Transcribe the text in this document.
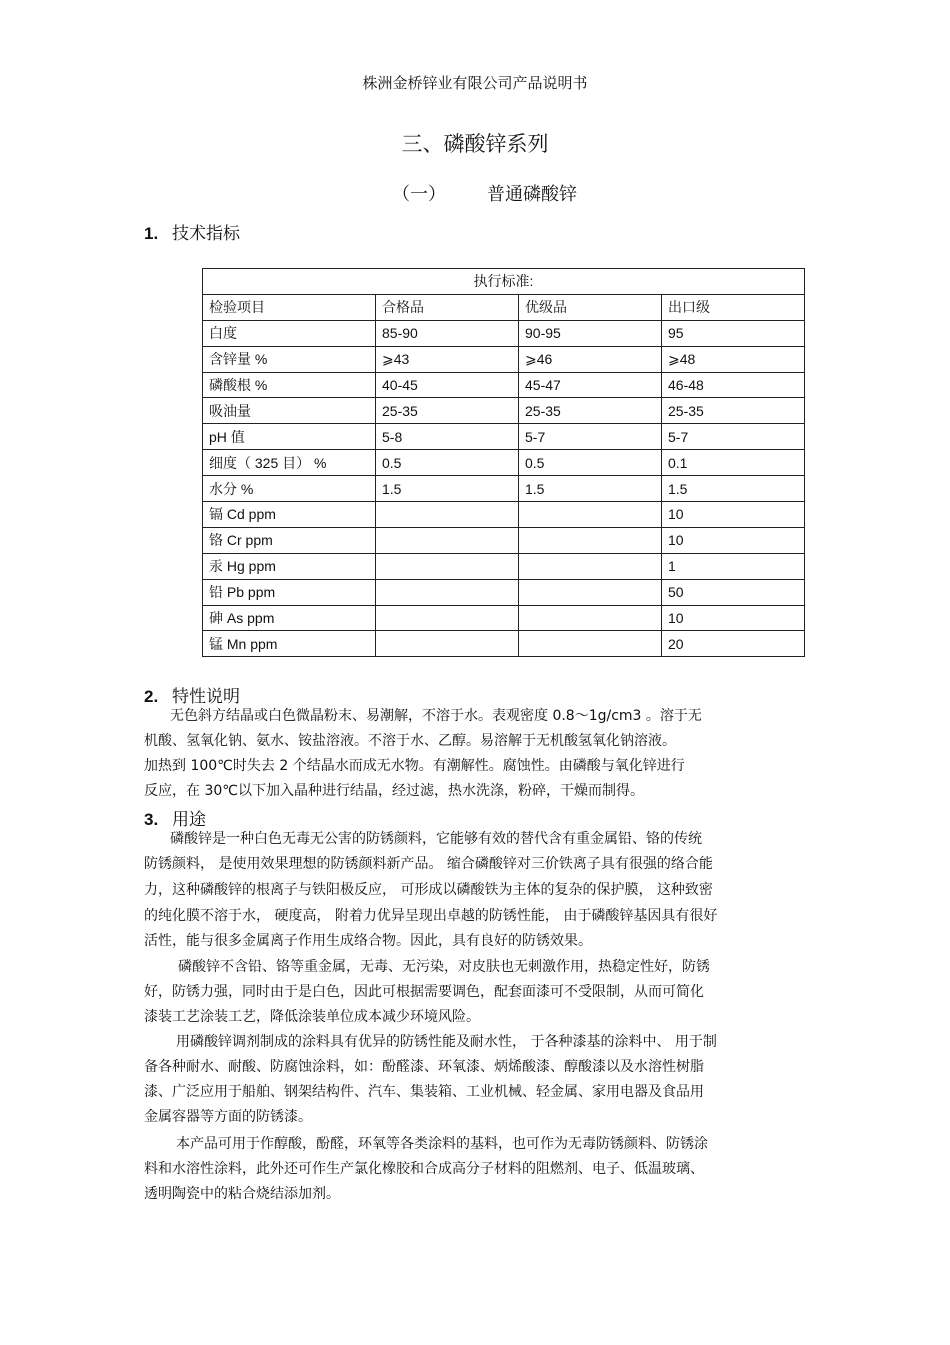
株洲金桥锌业有限公司产品说明书
三、磷酸锌系列
（一） 普通磷酸锌
1. 技术指标
执行标准:			
检验项目	合格品	优级品	出口级
白度	85-90	90-95	95
含锌量 %	⩾43	⩾46	⩾48
磷酸根 %	40-45	45-47	46-48
吸油量	25-35	25-35	25-35
pH 值	5-8	5-7	5-7
细度（ 325 目） %	0.5	0.5	0.1
水分 %	1.5	1.5	1.5
镉 Cd ppm			10
铬 Cr ppm			10
汞 Hg ppm			1
铅 Pb ppm			50
砷 As ppm			10
锰 Mn ppm			20
2. 特性说明
无色斜方结晶或白色微晶粉末、易潮解，不溶于水。表观密度 0.8～1g/cm3 。溶于无
机酸、氢氧化钠、氨水、铵盐溶液。不溶于水、乙醇。易溶解于无机酸氢氧化钠溶液。
加热到 100℃时失去 2 个结晶水而成无水物。有潮解性。腐蚀性。由磷酸与氧化锌进行
反应，在 30℃以下加入晶种进行结晶，经过滤，热水洗涤，粉碎，干燥而制得。
3. 用途
磷酸锌是一种白色无毒无公害的防锈颜料，它能够有效的替代含有重金属铅、铬的传统
防锈颜料， 是使用效果理想的防锈颜料新产品。 缩合磷酸锌对三价铁离子具有很强的络合能
力，这种磷酸锌的根离子与铁阳极反应， 可形成以磷酸铁为主体的复杂的保护膜， 这种致密
的纯化膜不溶于水， 硬度高， 附着力优异呈现出卓越的防锈性能， 由于磷酸锌基因具有很好
活性，能与很多金属离子作用生成络合物。因此，具有良好的防锈效果。
磷酸锌不含铅、铬等重金属，无毒、无污染，对皮肤也无刺激作用，热稳定性好，防锈
好，防锈力强，同时由于是白色，因此可根据需要调色，配套面漆可不受限制，从而可简化
漆装工艺涂装工艺，降低涂装单位成本减少环境风险。
用磷酸锌调剂制成的涂料具有优异的防锈性能及耐水性， 于各种漆基的涂料中、 用于制
备各种耐水、耐酸、防腐蚀涂料，如：酚醛漆、环氧漆、炳烯酸漆、醇酸漆以及水溶性树脂
漆、广泛应用于船舶、钢架结构件、汽车、集装箱、工业机械、轻金属、家用电器及食品用
金属容器等方面的防锈漆。
本产品可用于作醇酸，酚醛，环氧等各类涂料的基料，也可作为无毒防锈颜料、防锈涂
料和水溶性涂料，此外还可作生产氯化橡胶和合成高分子材料的阻燃剂、电子、低温玻璃、
透明陶瓷中的粘合烧结添加剂。
